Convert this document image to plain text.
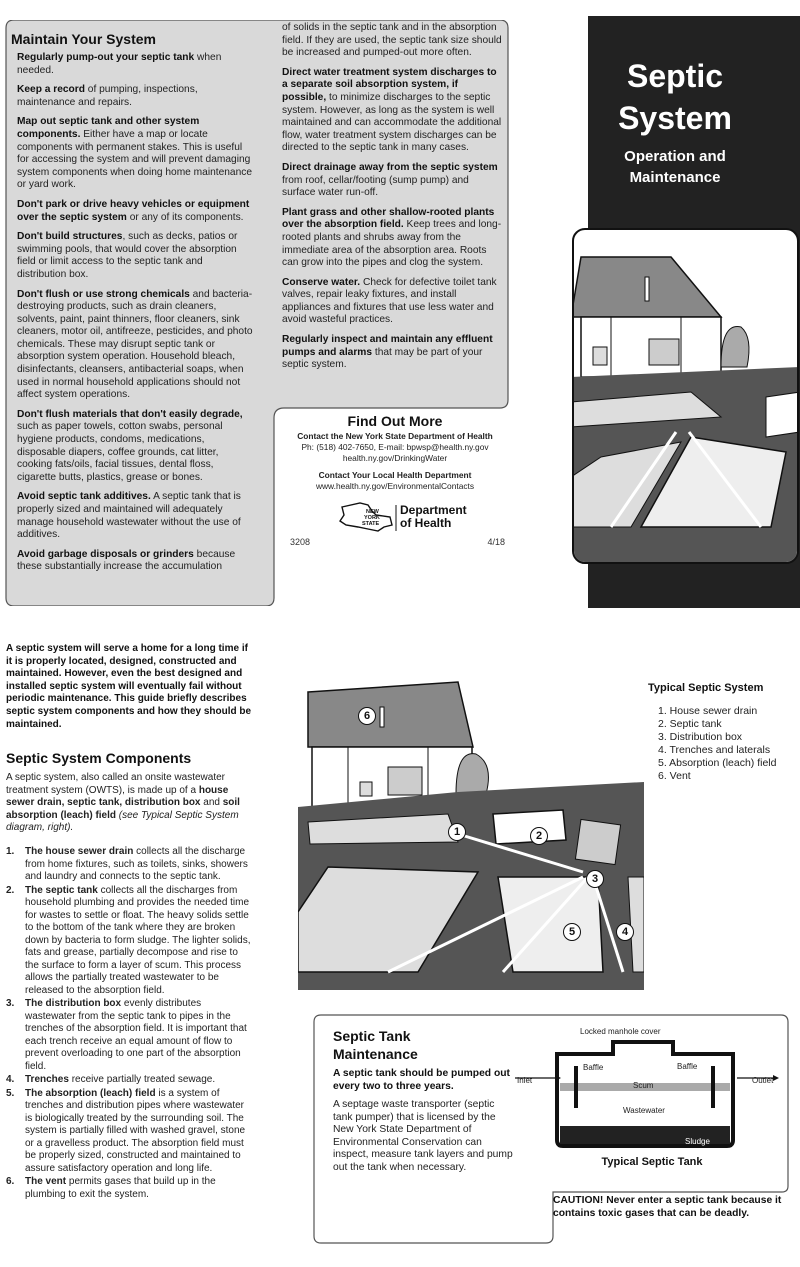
Maintain Your System

Regularly pump-out your septic tank when needed.

Keep a record of pumping, inspections, maintenance and repairs.

Map out septic tank and other system components. Either have a map or locate components with permanent stakes. This is useful for accessing the system and will prevent damaging system components when doing home maintenance or yard work.

Don't park or drive heavy vehicles or equipment over the septic system or any of its components.

Don't build structures, such as decks, patios or swimming pools, that would cover the absorption field or limit access to the septic tank and distribution box.

Don't flush or use strong chemicals and bacteria-destroying products, such as drain cleaners, solvents, paint, paint thinners, floor cleaners, sink cleaners, motor oil, antifreeze, pesticides, and photo chemicals. These may disrupt septic tank or absorption system operation. Household bleach, disinfectants, cleansers, antibacterial soaps, when used in normal household applications should not affect system operations.

Don't flush materials that don't easily degrade, such as paper towels, cotton swabs, personal hygiene products, condoms, medications, disposable diapers, coffee grounds, cat litter, cooking fats/oils, facial tissues, dental floss, cigarette butts, plastics, grease or bones.

Avoid septic tank additives. A septic tank that is properly sized and maintained will adequately manage household wastewater without the use of additives.

Avoid garbage disposals or grinders because these substantially increase the accumulation

of solids in the septic tank and in the absorption field. If they are used, the septic tank size should be increased and pumped-out more often.

Direct water treatment system discharges to a separate soil absorption system, if possible, to minimize discharges to the septic system. However, as long as the system is well maintained and can accommodate the additional flow, water treatment system discharges can be directed to the septic tank in many cases.

Direct drainage away from the septic system from roof, cellar/footing (sump pump) and surface water run-off.

Plant grass and other shallow-rooted plants over the absorption field. Keep trees and long-rooted plants and shrubs away from the immediate area of the absorption area. Roots can grow into the pipes and clog the system.

Conserve water. Check for defective toilet tank valves, repair leaky fixtures, and install appliances and fixtures that use less water and avoid wasteful practices.

Regularly inspect and maintain any effluent pumps and alarms that may be part of your septic system.

Find Out More
Contact the New York State Department of Health
Ph: (518) 402-7650, E-mail: bpwsp@health.ny.gov
health.ny.gov/DrinkingWater
Contact Your Local Health Department
www.health.ny.gov/EnvironmentalContacts
NEW
YORK
STATE
Department
of Health
3208	4/18
Septic
System
Operation and
Maintenance
A septic system will serve a home for a long time if it is properly located, designed, constructed and maintained. However, even the best designed and installed septic system will eventually fail without periodic maintenance. This guide briefly describes septic system components and how they should be maintained.
Septic System Components
A septic system, also called an onsite wastewater treatment system (OWTS), is made up of a house sewer drain, septic tank, distribution box and soil absorption (leach) field (see Typical Septic System diagram, right).
1.	The house sewer drain collects all the discharge from home fixtures, such as toilets, sinks, showers and laundry and connects to the septic tank.
2.	The septic tank collects all the discharges from household plumbing and provides the needed time for wastes to settle or float. The heavy solids settle to the bottom of the tank where they are broken down by bacteria to form sludge. The lighter solids, fats and grease, partially decompose and rise to the surface to form a layer of scum. This process allows the partially treated wastewater to be released to the absorption field.
3.	The distribution box evenly distributes wastewater from the septic tank to pipes in the trenches of the absorption field. It is important that each trench receive an equal amount of flow to prevent overloading to one part of the absorption field.
4.	Trenches receive partially treated sewage.
5.	The absorption (leach) field is a system of trenches and distribution pipes where wastewater is biologically treated by the surrounding soil. The system is partially filled with washed gravel, stone or a gravelless product. The absorption field must be properly sized, constructed and maintained to assure satisfactory operation and long life.
6.	The vent permits gases that build up in the plumbing to exit the system.
6
1	2
3
4
5
Typical Septic System
1. House sewer drain
2. Septic tank
3. Distribution box
4. Trenches and laterals
5. Absorption (leach) field
6. Vent
Septic Tank
Maintenance
A septic tank should be pumped out every two to three years.
A septage waste transporter (septic tank pumper) that is licensed by the New York State Department of Environmental Conservation can inspect, measure tank layers and pump out the tank when necessary.
Locked manhole cover
Baffle	Baffle
Inlet	Outlet
Scum
Wastewater
Sludge
Typical Septic Tank
CAUTION! Never enter a septic tank because it contains toxic gases that can be deadly.
